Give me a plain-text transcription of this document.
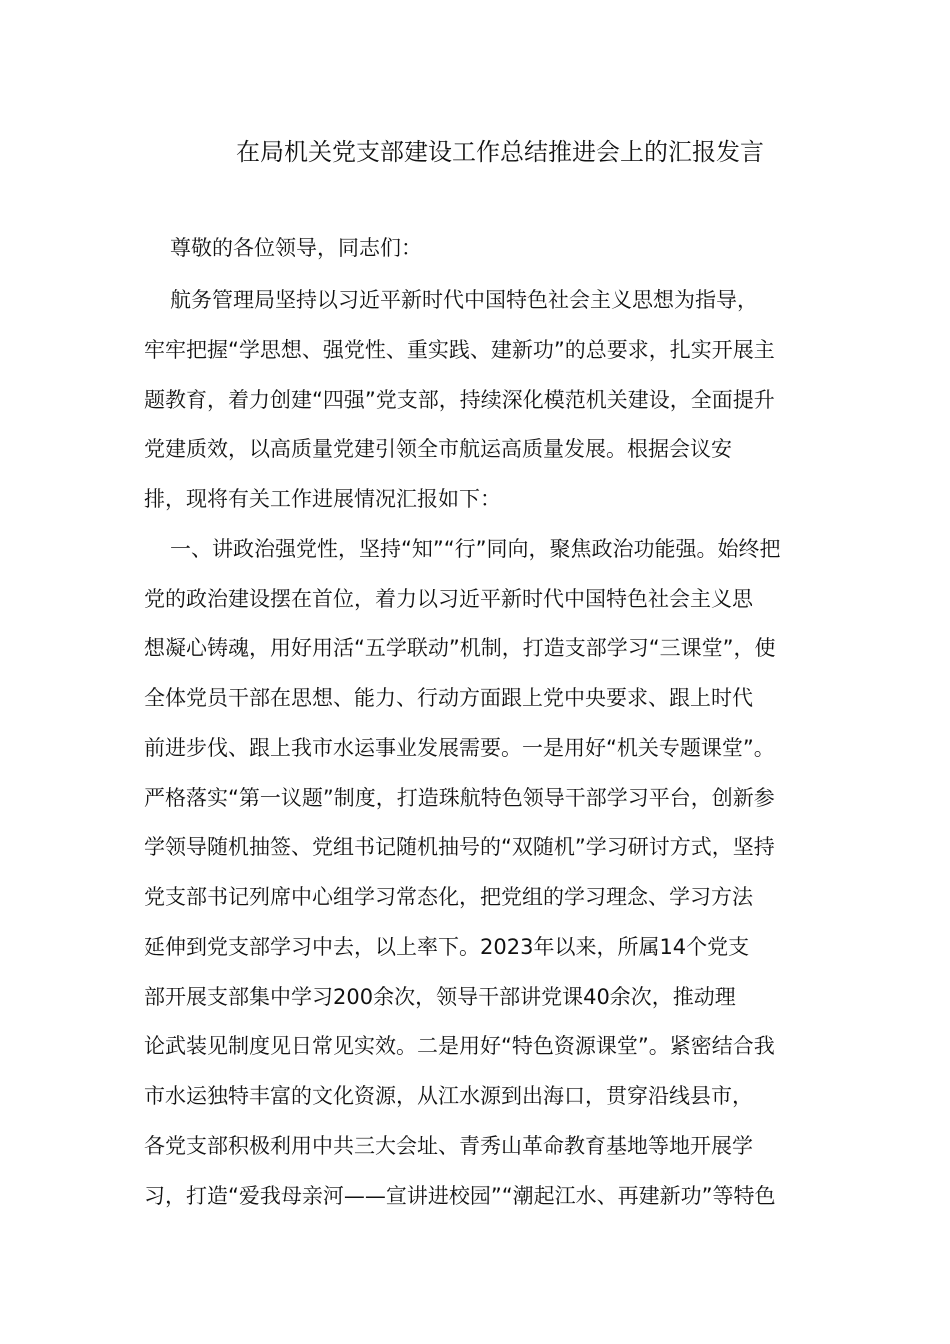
在局机关党支部建设工作总结推进会上的汇报发言
尊敬的各位领导，同志们：
航务管理局坚持以习近平新时代中国特色社会主义思想为指导，
牢牢把握“学思想、强党性、重实践、建新功”的总要求，扎实开展主
题教育，着力创建“四强”党支部，持续深化模范机关建设，全面提升
党建质效，以高质量党建引领全市航运高质量发展。根据会议安
排，现将有关工作进展情况汇报如下：
一、讲政治强党性，坚持“知”“行”同向，聚焦政治功能强。始终把
党的政治建设摆在首位，着力以习近平新时代中国特色社会主义思
想凝心铸魂，用好用活“五学联动”机制，打造支部学习“三课堂”，使
全体党员干部在思想、能力、行动方面跟上党中央要求、跟上时代
前进步伐、跟上我市水运事业发展需要。一是用好“机关专题课堂”。
严格落实“第一议题”制度，打造珠航特色领导干部学习平台，创新参
学领导随机抽签、党组书记随机抽号的“双随机”学习研讨方式，坚持
党支部书记列席中心组学习常态化，把党组的学习理念、学习方法
延伸到党支部学习中去，以上率下。2023年以来，所属14个党支
部开展支部集中学习200余次，领导干部讲党课40余次，推动理
论武装见制度见日常见实效。二是用好“特色资源课堂”。紧密结合我
市水运独特丰富的文化资源，从江水源到出海口，贯穿沿线县市，
各党支部积极利用中共三大会址、青秀山革命教育基地等地开展学
习，打造“爱我母亲河——宣讲进校园”“潮起江水、再建新功”等特色
